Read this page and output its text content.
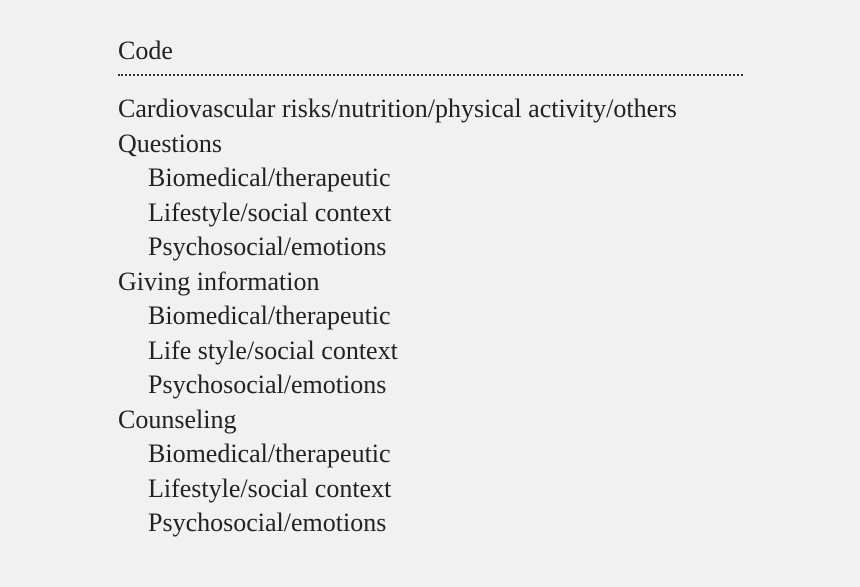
Code
Cardiovascular risks/nutrition/physical activity/others
Questions
Biomedical/therapeutic
Lifestyle/social context
Psychosocial/emotions
Giving information
Biomedical/therapeutic
Life style/social context
Psychosocial/emotions
Counseling
Biomedical/therapeutic
Lifestyle/social context
Psychosocial/emotions
